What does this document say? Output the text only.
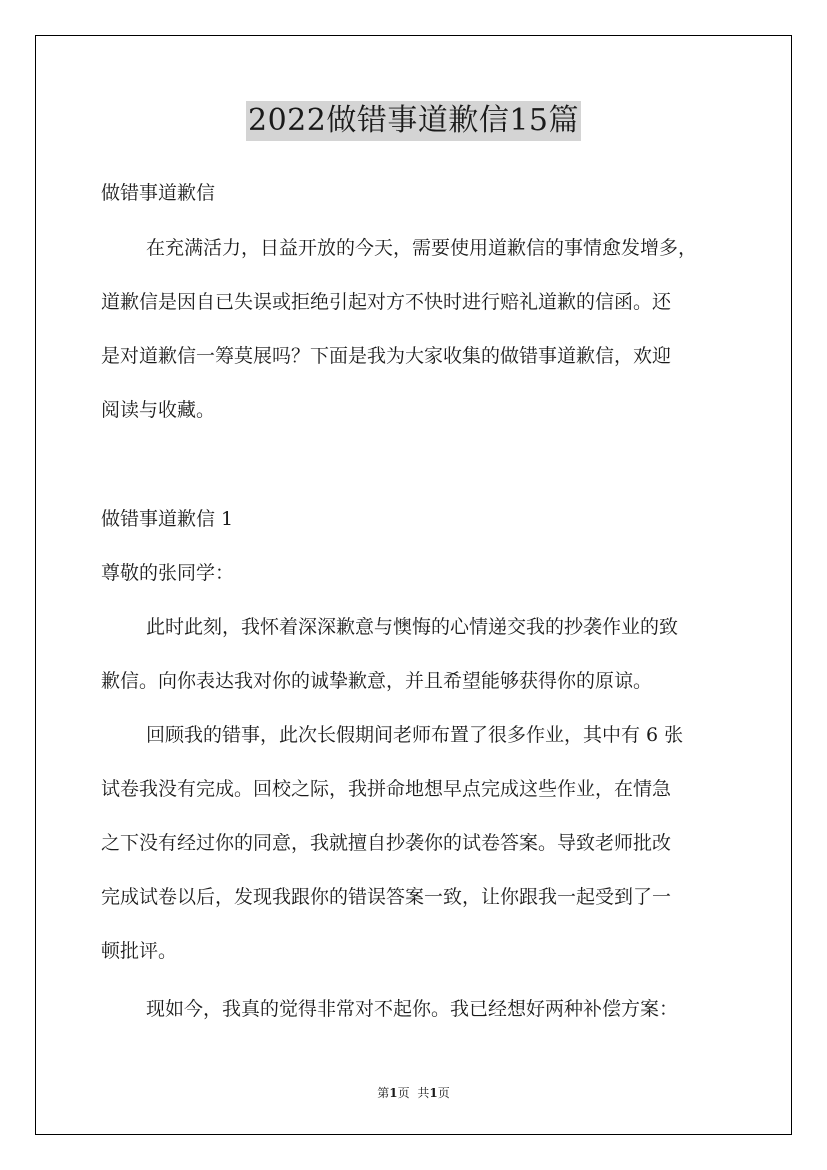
2022做错事道歉信15篇
做错事道歉信
在充满活力，日益开放的今天，需要使用道歉信的事情愈发增多，
道歉信是因自已失误或拒绝引起对方不快时进行赔礼道歉的信函。还
是对道歉信一筹莫展吗？下面是我为大家收集的做错事道歉信，欢迎
阅读与收藏。
做错事道歉信 1
尊敬的张同学：
此时此刻，我怀着深深歉意与懊悔的心情递交我的抄袭作业的致
歉信。向你表达我对你的诚挚歉意，并且希望能够获得你的原谅。
回顾我的错事，此次长假期间老师布置了很多作业，其中有 6 张
试卷我没有完成。回校之际，我拼命地想早点完成这些作业，在情急
之下没有经过你的同意，我就擅自抄袭你的试卷答案。导致老师批改
完成试卷以后，发现我跟你的错误答案一致，让你跟我一起受到了一
顿批评。
现如今，我真的觉得非常对不起你。我已经想好两种补偿方案：
第1页 共1页
